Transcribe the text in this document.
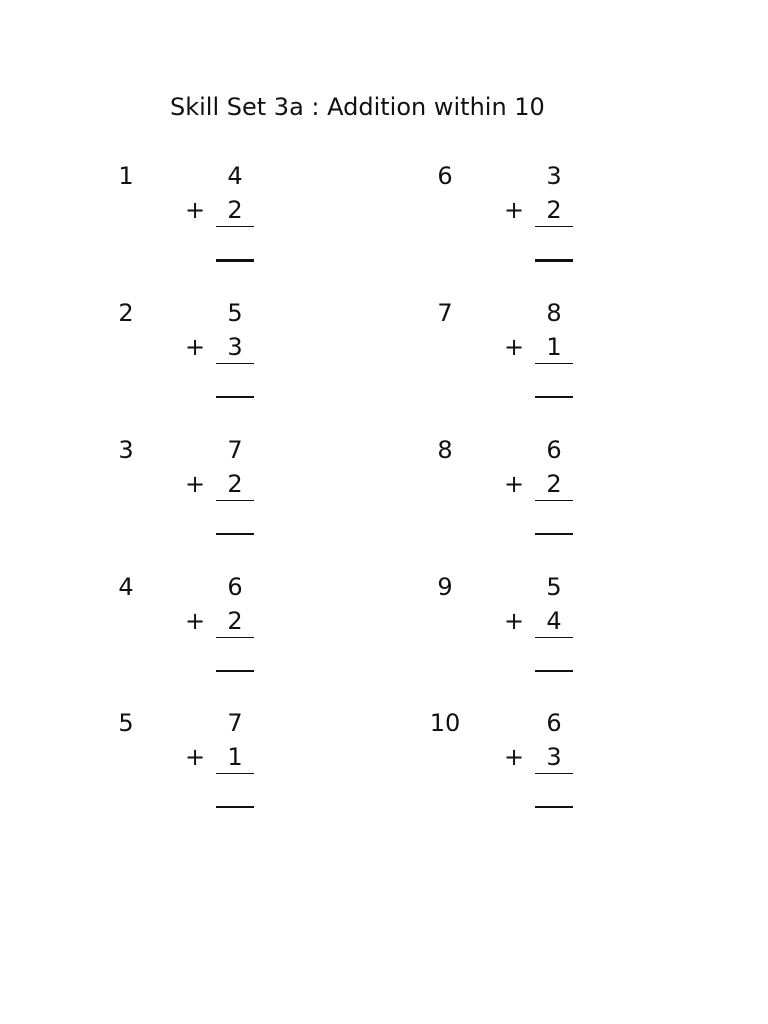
Skill Set 3a : Addition within 10
1	4
+ 2
2	5
+ 3
3	7
+ 2
4	6
+ 2
5	7
+ 1
6	3
+ 2
7	8
+ 1
8	6
+ 2
9	5
+ 4
10	6
+ 3
